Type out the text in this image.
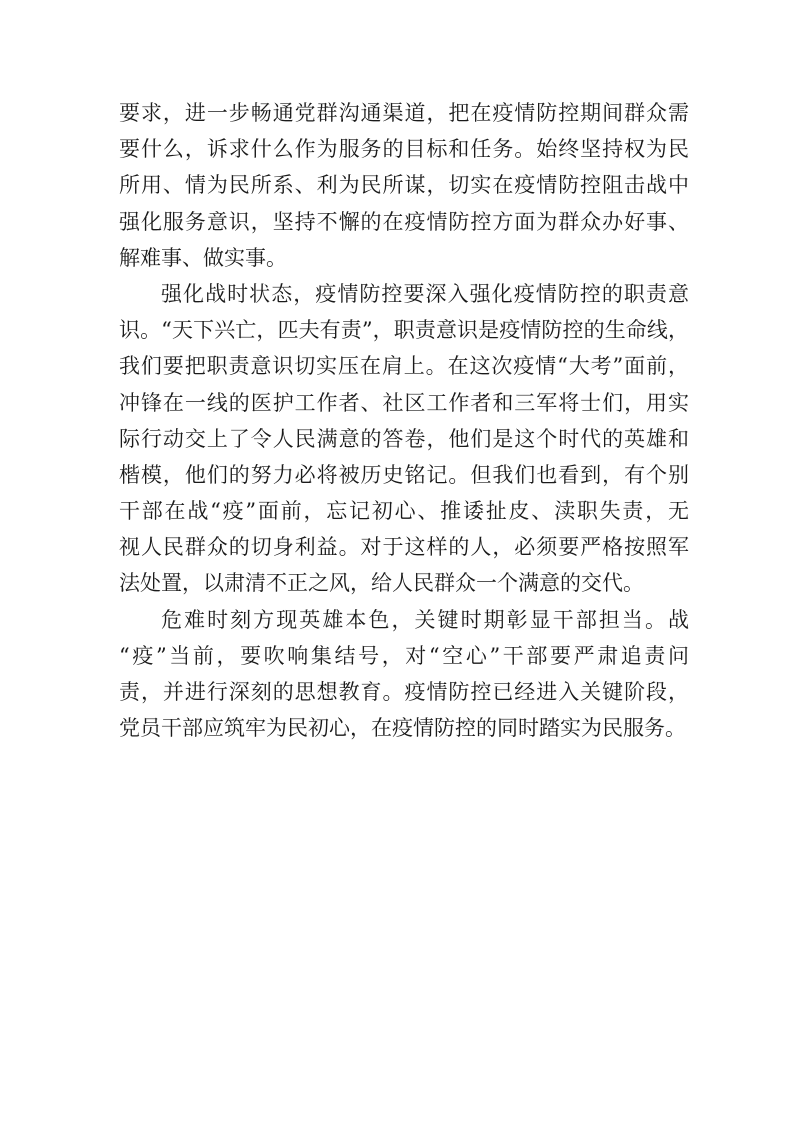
要求，进一步畅通党群沟通渠道，把在疫情防控期间群众需
要什么，诉求什么作为服务的目标和任务。始终坚持权为民
所用、情为民所系、利为民所谋，切实在疫情防控阻击战中
强化服务意识，坚持不懈的在疫情防控方面为群众办好事、
解难事、做实事。
强化战时状态，疫情防控要深入强化疫情防控的职责意
识。“天下兴亡，匹夫有责”，职责意识是疫情防控的生命线，
我们要把职责意识切实压在肩上。在这次疫情“大考”面前，
冲锋在一线的医护工作者、社区工作者和三军将士们，用实
际行动交上了令人民满意的答卷，他们是这个时代的英雄和
楷模，他们的努力必将被历史铭记。但我们也看到，有个别
干部在战“疫”面前，忘记初心、推诿扯皮、渎职失责，无
视人民群众的切身利益。对于这样的人，必须要严格按照军
法处置，以肃清不正之风，给人民群众一个满意的交代。
危难时刻方现英雄本色，关键时期彰显干部担当。战
“疫”当前，要吹响集结号，对“空心”干部要严肃追责问
责，并进行深刻的思想教育。疫情防控已经进入关键阶段，
党员干部应筑牢为民初心，在疫情防控的同时踏实为民服务。
